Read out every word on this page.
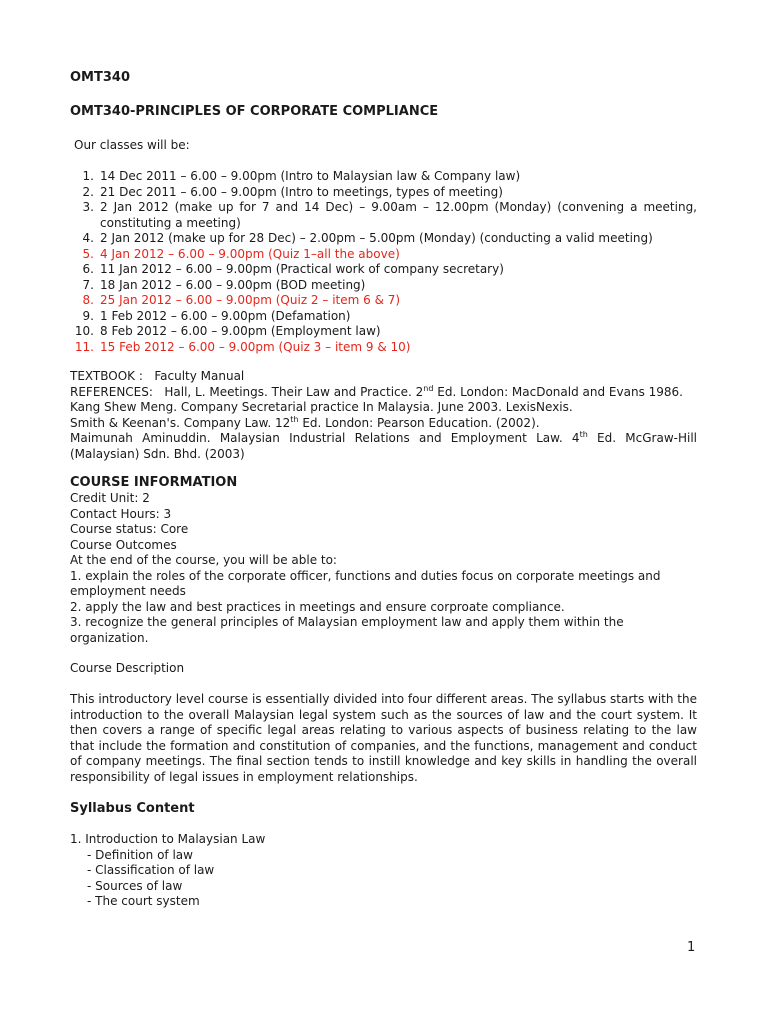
OMT340
OMT340-PRINCIPLES OF CORPORATE COMPLIANCE
Our classes will be:
1. 14 Dec 2011 – 6.00 – 9.00pm (Intro to Malaysian law & Company law)
2. 21 Dec 2011 – 6.00 – 9.00pm (Intro to meetings, types of meeting)
3. 2 Jan 2012 (make up for 7 and 14 Dec) – 9.00am – 12.00pm (Monday) (convening a meeting, constituting a meeting)
4. 2 Jan 2012 (make up for 28 Dec) – 2.00pm – 5.00pm (Monday) (conducting a valid meeting)
5. 4 Jan 2012 – 6.00 – 9.00pm (Quiz 1–all the above)
6. 11 Jan 2012 – 6.00 – 9.00pm (Practical work of company secretary)
7. 18 Jan 2012 – 6.00 – 9.00pm (BOD meeting)
8. 25 Jan 2012 – 6.00 – 9.00pm (Quiz 2 – item 6 & 7)
9. 1 Feb 2012 – 6.00 – 9.00pm (Defamation)
10. 8 Feb 2012 – 6.00 – 9.00pm (Employment law)
11. 15 Feb 2012 – 6.00 – 9.00pm (Quiz 3 – item 9 & 10)

TEXTBOOK : Faculty Manual

REFERENCES: Hall, L. Meetings. Their Law and Practice. 2nd Ed. London: MacDonald and Evans 1986.

Kang Shew Meng. Company Secretarial practice In Malaysia. June 2003. LexisNexis.

Smith & Keenan's. Company Law. 12th Ed. London: Pearson Education. (2002).

Maimunah Aminuddin. Malaysian Industrial Relations and Employment Law. 4th Ed. McGraw-Hill (Malaysian) Sdn. Bhd. (2003)

COURSE INFORMATION

Credit Unit: 2

Contact Hours: 3

Course status: Core

Course Outcomes

At the end of the course, you will be able to:

1. explain the roles of the corporate officer, functions and duties focus on corporate meetings and employment needs

2. apply the law and best practices in meetings and ensure corproate compliance.

3. recognize the general principles of Malaysian employment law and apply them within the organization.

Course Description

This introductory level course is essentially divided into four different areas. The syllabus starts with the introduction to the overall Malaysian legal system such as the sources of law and the court system. It then covers a range of specific legal areas relating to various aspects of business relating to the law that include the formation and constitution of companies, and the functions, management and conduct of company meetings. The final section tends to instill knowledge and key skills in handling the overall responsibility of legal issues in employment relationships.

Syllabus Content

1. Introduction to Malaysian Law

- Definition of law

- Classification of law

- Sources of law

- The court system

1
